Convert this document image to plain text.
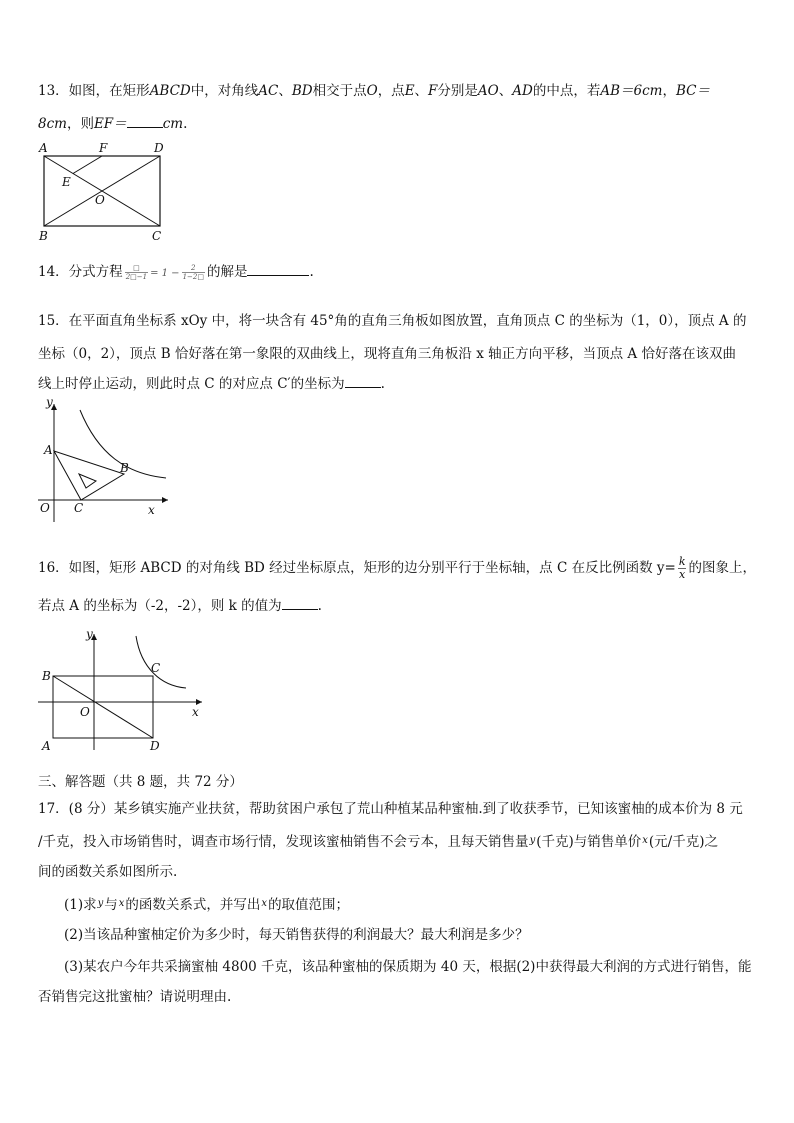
13．如图，在矩形ABCD中，对角线AC、BD相交于点O，点E、F分别是AO、AD的中点，若AB＝6cm，BC＝
8cm，则EF＝	cm.
A	F	D
E
O
B	C
14．分式方程 $\frac{□}{2□-1} = 1 - \frac{2}{1-2□}$ 的解是	.
15．在平面直角坐标系 xOy 中，将一块含有 45°角的直角三角板如图放置，直角顶点 C 的坐标为（1，0），顶点 A 的
坐标（0，2），顶点 B 恰好落在第一象限的双曲线上，现将直角三角板沿 x 轴正方向平移，当顶点 A 恰好落在该双曲
线上时停止运动，则此时点 C 的对应点 C′的坐标为	.
y
A
B
O C	x
16．如图，矩形 ABCD 的对角线 BD 经过坐标原点，矩形的边分别平行于坐标轴，点 C 在反比例函数 $y= \frac{k}{x}$ 的图象上，
若点 A 的坐标为（-2，-2），则 k 的值为	.
y
C
B
O	x
A	D
三、解答题（共 8 题，共 72 分）
17．(8 分）某乡镇实施产业扶贫，帮助贫困户承包了荒山种植某品种蜜柚.到了收获季节，已知该蜜柚的成本价为 8 元
/千克，投入市场销售时，调查市场行情，发现该蜜柚销售不会亏本，且每天销售量$^y$(千克)与销售单价$^x$(元/千克)之
间的函数关系如图所示.
(1)求$^y$与$^x$的函数关系式，并写出$^x$的取值范围；
(2)当该品种蜜柚定价为多少时，每天销售获得的利润最大？最大利润是多少？
(3)某农户今年共采摘蜜柚 4800 千克，该品种蜜柚的保质期为 40 天，根据(2)中获得最大利润的方式进行销售，能
否销售完这批蜜柚？请说明理由.
